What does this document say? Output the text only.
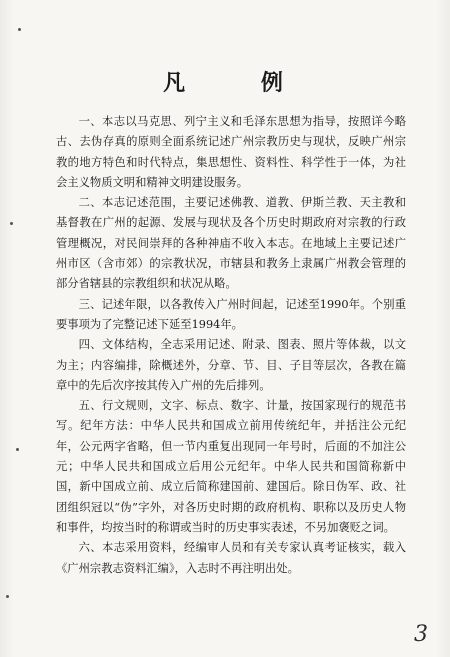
凡 例

一、本志以马克思、列宁主义和毛泽东思想为指导，按照详今略古、去伪存真的原则全面系统记述广州宗教历史与现状，反映广州宗教的地方特色和时代特点，集思想性、资料性、科学性于一体，为社会主义物质文明和精神文明建设服务。

二、本志记述范围，主要记述佛教、道教、伊斯兰教、天主教和基督教在广州的起源、发展与现状及各个历史时期政府对宗教的行政管理概况，对民间崇拜的各种神庙不收入本志。在地域上主要记述广州市区（含市郊）的宗教状况，市辖县和教务上隶属广州教会管理的部分省辖县的宗教组织和状况从略。

三、记述年限，以各教传入广州时间起，记述至1990年。个别重要事项为了完整记述下延至1994年。

四、文体结构，全志采用记述、附录、图表、照片等体裁，以文为主；内容编排，除概述外，分章、节、目、子目等层次，各教在篇章中的先后次序按其传入广州的先后排列。

五、行文规则，文字、标点、数字、计量，按国家现行的规范书写。纪年方法：中华人民共和国成立前用传统纪年，并括注公元纪年，公元两字省略，但一节内重复出现同一年号时，后面的不加注公元；中华人民共和国成立后用公元纪年。中华人民共和国简称新中国，新中国成立前、成立后简称建国前、建国后。除日伪军、政、社团组织冠以“伪”字外，对各历史时期的政府机构、职称以及历史人物和事件，均按当时的称谓或当时的历史事实表述，不另加褒贬之词。

六、本志采用资料，经编审人员和有关专家认真考证核实，载入《广州宗教志资料汇编》，入志时不再注明出处。

3
